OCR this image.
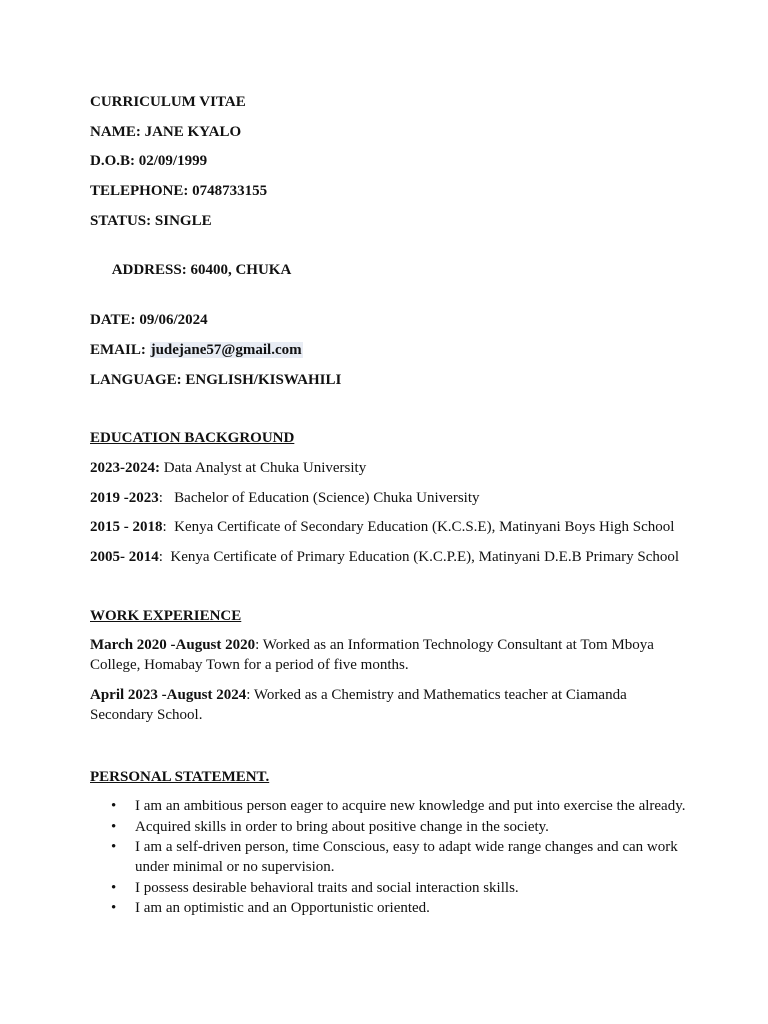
CURRICULUM VITAE
NAME: JANE KYALO
D.O.B: 02/09/1999
TELEPHONE: 0748733155
STATUS: SINGLE

ADDRESS: 60400, CHUKA

DATE: 09/06/2024
EMAIL: judejane57@gmail.com
LANGUAGE: ENGLISH/KISWAHILI
EDUCATION BACKGROUND
2023-2024: Data Analyst at Chuka University
2019 -2023:   Bachelor of Education (Science) Chuka University
2015 - 2018:  Kenya Certificate of Secondary Education (K.C.S.E), Matinyani Boys High School
2005- 2014:  Kenya Certificate of Primary Education (K.C.P.E), Matinyani D.E.B Primary School
WORK EXPERIENCE
March 2020 -August 2020: Worked as an Information Technology Consultant at Tom Mboya College, Homabay Town for a period of five months.
April 2023 -August 2024: Worked as a Chemistry and Mathematics teacher at Ciamanda Secondary School.
PERSONAL STATEMENT.
• I am an ambitious person eager to acquire new knowledge and put into exercise the already.
• Acquired skills in order to bring about positive change in the society.
• I am a self-driven person, time Conscious, easy to adapt wide range changes and can work under minimal or no supervision.
• I possess desirable behavioral traits and social interaction skills.
• I am an optimistic and an Opportunistic oriented.
